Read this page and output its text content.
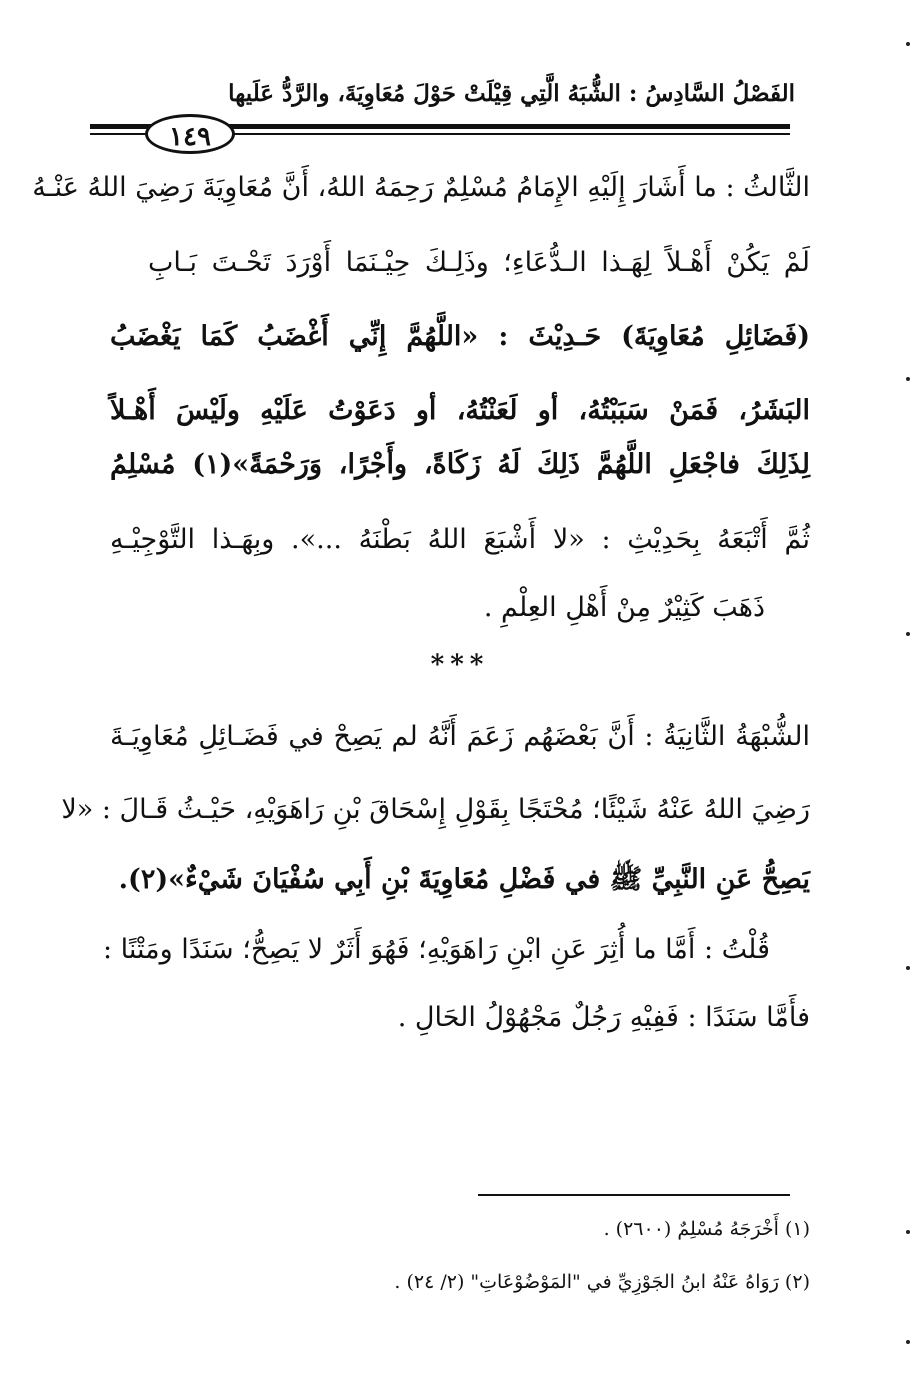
الفَصْلُ السَّادِسُ : الشُّبَهُ الَّتِي قِيْلَتْ حَوْلَ مُعَاوِيَةَ، والرَّدُّ عَلَيها
١٤٩
الثَّالثُ : ما أَشَارَ إِلَيْهِ الإِمَامُ مُسْلِمٌ رَحِمَهُ اللهُ، أَنَّ مُعَاوِيَةَ رَضِيَ اللهُ عَنْـهُ
لَمْ يَكُنْ أَهْـلاً لِهَـذا الـدُّعَاءِ؛ وذَلِـكَ حِيْـنَمَا أَوْرَدَ تَحْـتَ بَـابِ
(فَضَائِلِ مُعَاوِيَةَ) حَـدِيْثَ : «اللَّهُمَّ إِنِّي أَغْضَبُ كَمَا يَغْضَبُ
البَشَرُ، فَمَنْ سَبَبْتُهُ، أو لَعَنْتُهُ، أو دَعَوْتُ عَلَيْهِ ولَيْسَ أَهْـلاً
لِذَلِكَ فاجْعَلِ اللَّهُمَّ ذَلِكَ لَهُ زَكَاةً، وأَجْرًا، وَرَحْمَةً»(١) مُسْلِمُ
ثُمَّ أَتْبَعَهُ بِحَدِيْثِ : «لا أَشْبَعَ اللهُ بَطْنَهُ ...». وبِهَـذا التَّوْجِيْـهِ
ذَهَبَ كَثِيْرٌ مِنْ أَهْلِ العِلْمِ .
***
الشُّبْهَةُ الثَّانِيَةُ : أَنَّ بَعْضَهُم زَعَمَ أَنَّهُ لم يَصِحْ في فَضَـائِلِ مُعَاوِيَـةَ
رَضِيَ اللهُ عَنْهُ شَيْئًا؛ مُحْتَجًا بِقَوْلِ إِسْحَاقَ بْنِ رَاهَوَيْهِ، حَيْـثُ قَـالَ : «لا
يَصِحُّ عَنِ النَّبِيِّ ﷺ في فَضْلِ مُعَاوِيَةَ بْنِ أَبِي سُفْيَانَ شَيْءٌ»(٢).
قُلْتُ : أَمَّا ما أُثِرَ عَنِ ابْنِ رَاهَوَيْهِ؛ فَهُوَ أَثَرٌ لا يَصِحُّ؛ سَنَدًا ومَتْنًا :
فأَمَّا سَنَدًا : فَفِيْهِ رَجُلٌ مَجْهُوْلُ الحَالِ .
(١) أَخْرَجَهُ مُسْلِمٌ (٢٦٠٠) .
(٢) رَوَاهُ عَنْهُ ابنُ الجَوْزِيِّ في "المَوْضُوْعَاتِ" (٢/ ٢٤) .
